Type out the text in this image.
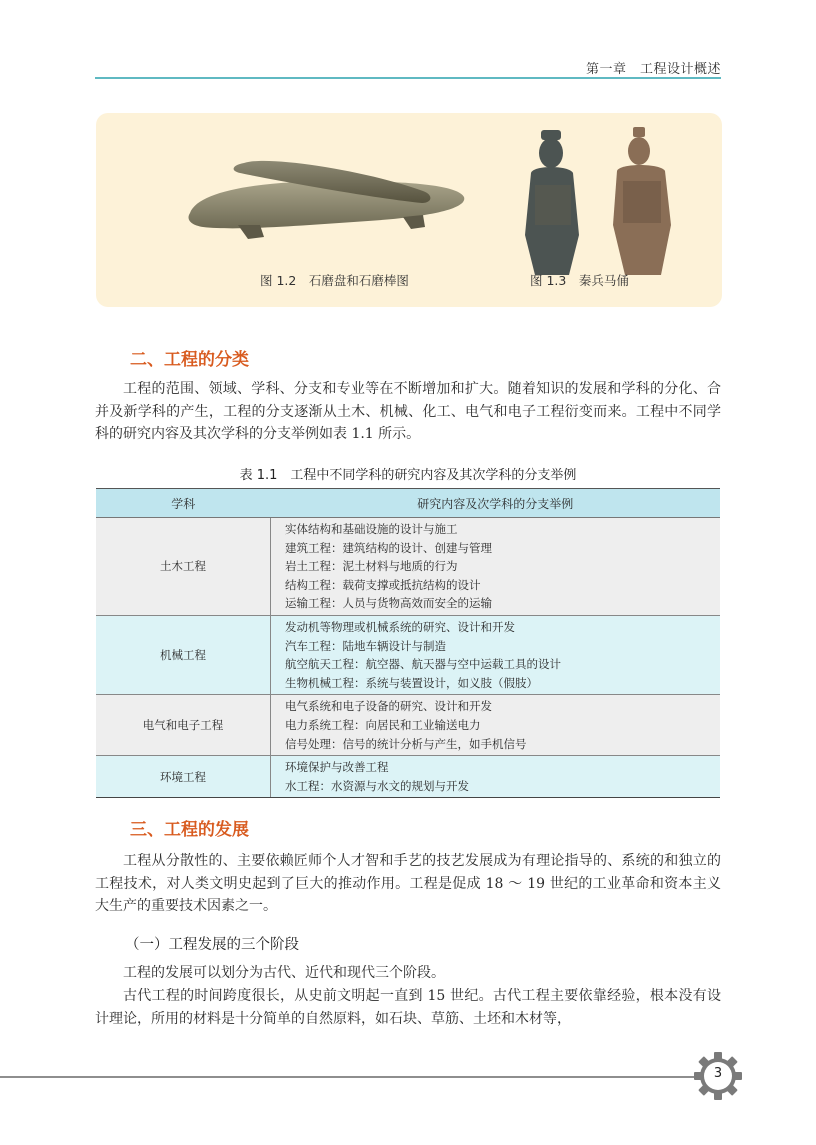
第一章　工程设计概述
图 1.2　石磨盘和石磨棒图	图 1.3　秦兵马俑
二、工程的分类
工程的范围、领域、学科、分支和专业等在不断增加和扩大。随着知识的发展和学科的分化、合并及新学科的产生，工程的分支逐渐从土木、机械、化工、电气和电子工程衍变而来。工程中不同学科的研究内容及其次学科的分支举例如表 1.1 所示。
表 1.1　工程中不同学科的研究内容及其次学科的分支举例
学科	研究内容及次学科的分支举例
土木工程	实体结构和基础设施的设计与施工
建筑工程：建筑结构的设计、创建与管理
岩土工程：泥土材料与地质的行为
结构工程：载荷支撑或抵抗结构的设计
运输工程：人员与货物高效而安全的运输

机械工程	发动机等物理或机械系统的研究、设计和开发
汽车工程：陆地车辆设计与制造
航空航天工程：航空器、航天器与空中运载工具的设计
生物机械工程：系统与装置设计，如义肢（假肢）

电气和电子工程	电气系统和电子设备的研究、设计和开发
电力系统工程：向居民和工业输送电力
信号处理：信号的统计分析与产生，如手机信号

环境工程	环境保护与改善工程
水工程：水资源与水文的规划与开发
三、工程的发展
工程从分散性的、主要依赖匠师个人才智和手艺的技艺发展成为有理论指导的、系统的和独立的工程技术，对人类文明史起到了巨大的推动作用。工程是促成 18 ～ 19 世纪的工业革命和资本主义大生产的重要技术因素之一。
（一）工程发展的三个阶段
工程的发展可以划分为古代、近代和现代三个阶段。
古代工程的时间跨度很长，从史前文明起一直到 15 世纪。古代工程主要依靠经验，根本没有设计理论，所用的材料是十分简单的自然原料，如石块、草筋、土坯和木材等，
3
